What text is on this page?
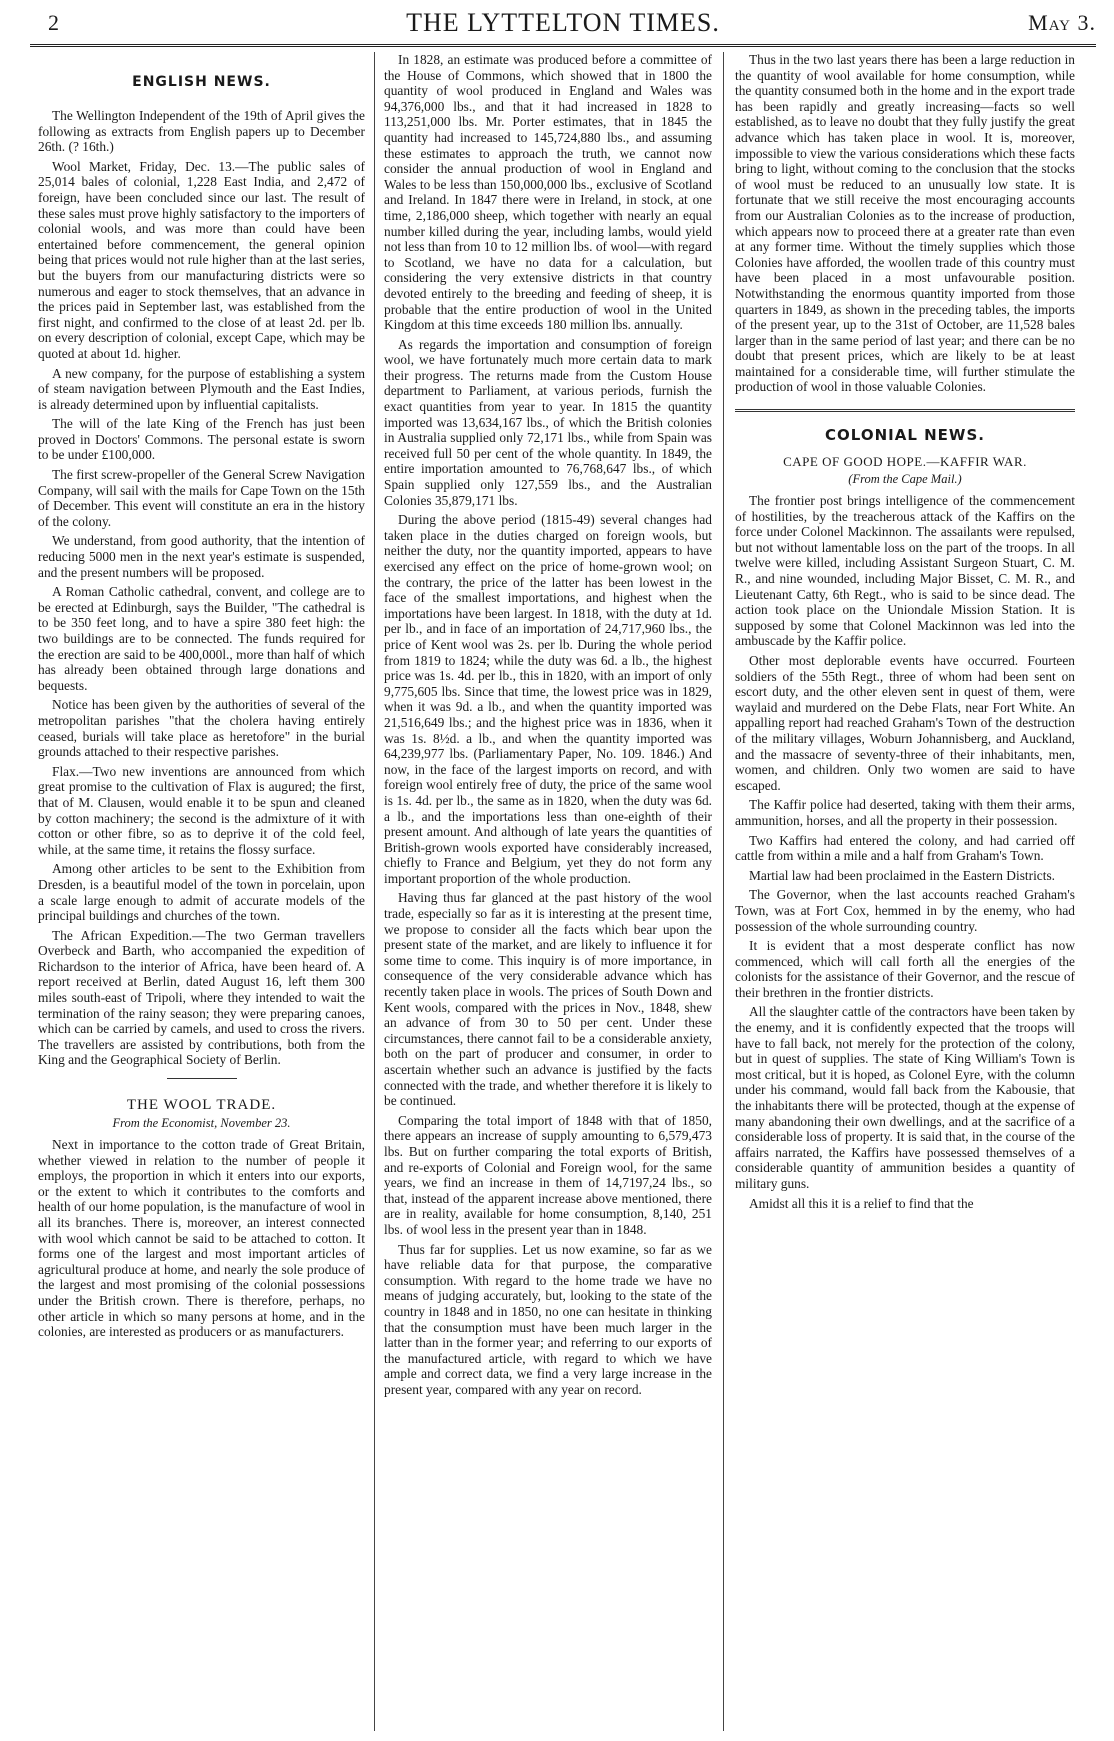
2	THE LYTTELTON TIMES.	May 3.
ENGLISH NEWS.

The Wellington Independent of the 19th of April gives the following as extracts from English papers up to December 26th. (? 16th.)

Wool Market, Friday, Dec. 13.—The public sales of 25,014 bales of colonial, 1,228 East India, and 2,472 of foreign, have been concluded since our last. The result of these sales must prove highly satisfactory to the importers of colonial wools, and was more than could have been entertained before commencement, the general opinion being that prices would not rule higher than at the last series, but the buyers from our manufacturing districts were so numerous and eager to stock themselves, that an advance in the prices paid in September last, was established from the first night, and confirmed to the close of at least 2d. per lb. on every description of colonial, except Cape, which may be quoted at about 1d. higher.

A new company, for the purpose of establishing a system of steam navigation between Plymouth and the East Indies, is already determined upon by influential capitalists.

The will of the late King of the French has just been proved in Doctors' Commons. The personal estate is sworn to be under £100,000.

The first screw-propeller of the General Screw Navigation Company, will sail with the mails for Cape Town on the 15th of December. This event will constitute an era in the history of the colony.

We understand, from good authority, that the intention of reducing 5000 men in the next year's estimate is suspended, and the present numbers will be proposed.

A Roman Catholic cathedral, convent, and college are to be erected at Edinburgh, says the Builder, "The cathedral is to be 350 feet long, and to have a spire 380 feet high: the two buildings are to be connected. The funds required for the erection are said to be 400,000l., more than half of which has already been obtained through large donations and bequests.

Notice has been given by the authorities of several of the metropolitan parishes "that the cholera having entirely ceased, burials will take place as heretofore" in the burial grounds attached to their respective parishes.

Flax.—Two new inventions are announced from which great promise to the cultivation of Flax is augured; the first, that of M. Clausen, would enable it to be spun and cleaned by cotton machinery; the second is the admixture of it with cotton or other fibre, so as to deprive it of the cold feel, while, at the same time, it retains the flossy surface.

Among other articles to be sent to the Exhibition from Dresden, is a beautiful model of the town in porcelain, upon a scale large enough to admit of accurate models of the principal buildings and churches of the town.

The African Expedition.—The two German travellers Overbeck and Barth, who accompanied the expedition of Richardson to the interior of Africa, have been heard of. A report received at Berlin, dated August 16, left them 300 miles south-east of Tripoli, where they intended to wait the termination of the rainy season; they were preparing canoes, which can be carried by camels, and used to cross the rivers. The travellers are assisted by contributions, both from the King and the Geographical Society of Berlin.

THE WOOL TRADE.
From the Economist, November 23.

Next in importance to the cotton trade of Great Britain, whether viewed in relation to the number of people it employs, the proportion in which it enters into our exports, or the extent to which it contributes to the comforts and health of our home population, is the manufacture of wool in all its branches. There is, moreover, an interest connected with wool which cannot be said to be attached to cotton. It forms one of the largest and most important articles of agricultural produce at home, and nearly the sole produce of the largest and most promising of the colonial possessions under the British crown. There is therefore, perhaps, no other article in which so many persons at home, and in the colonies, are interested as producers or as manufacturers.

In 1828, an estimate was produced before a committee of the House of Commons, which showed that in 1800 the quantity of wool produced in England and Wales was 94,376,000 lbs., and that it had increased in 1828 to 113,251,000 lbs. Mr. Porter estimates, that in 1845 the quantity had increased to 145,724,880 lbs., and assuming these estimates to approach the truth, we cannot now consider the annual production of wool in England and Wales to be less than 150,000,000 lbs., exclusive of Scotland and Ireland. In 1847 there were in Ireland, in stock, at one time, 2,186,000 sheep, which together with nearly an equal number killed during the year, including lambs, would yield not less than from 10 to 12 million lbs. of wool—with regard to Scotland, we have no data for a calculation, but considering the very extensive districts in that country devoted entirely to the breeding and feeding of sheep, it is probable that the entire production of wool in the United Kingdom at this time exceeds 180 million lbs. annually.

As regards the importation and consumption of foreign wool, we have fortunately much more certain data to mark their progress. The returns made from the Custom House department to Parliament, at various periods, furnish the exact quantities from year to year. In 1815 the quantity imported was 13,634,167 lbs., of which the British colonies in Australia supplied only 72,171 lbs., while from Spain was received full 50 per cent of the whole quantity. In 1849, the entire importation amounted to 76,768,647 lbs., of which Spain supplied only 127,559 lbs., and the Australian Colonies 35,879,171 lbs.

During the above period (1815-49) several changes had taken place in the duties charged on foreign wools, but neither the duty, nor the quantity imported, appears to have exercised any effect on the price of home-grown wool; on the contrary, the price of the latter has been lowest in the face of the smallest importations, and highest when the importations have been largest. In 1818, with the duty at 1d. per lb., and in face of an importation of 24,717,960 lbs., the price of Kent wool was 2s. per lb. During the whole period from 1819 to 1824; while the duty was 6d. a lb., the highest price was 1s. 4d. per lb., this in 1820, with an import of only 9,775,605 lbs. Since that time, the lowest price was in 1829, when it was 9d. a lb., and when the quantity imported was 21,516,649 lbs.; and the highest price was in 1836, when it was 1s. 8½d. a lb., and when the quantity imported was 64,239,977 lbs. (Parliamentary Paper, No. 109. 1846.) And now, in the face of the largest imports on record, and with foreign wool entirely free of duty, the price of the same wool is 1s. 4d. per lb., the same as in 1820, when the duty was 6d. a lb., and the importations less than one-eighth of their present amount. And although of late years the quantities of British-grown wools exported have considerably increased, chiefly to France and Belgium, yet they do not form any important proportion of the whole production.

Having thus far glanced at the past history of the wool trade, especially so far as it is interesting at the present time, we propose to consider all the facts which bear upon the present state of the market, and are likely to influence it for some time to come. This inquiry is of more importance, in consequence of the very considerable advance which has recently taken place in wools. The prices of South Down and Kent wools, compared with the prices in Nov., 1848, shew an advance of from 30 to 50 per cent. Under these circumstances, there cannot fail to be a considerable anxiety, both on the part of producer and consumer, in order to ascertain whether such an advance is justified by the facts connected with the trade, and whether therefore it is likely to be continued.

Comparing the total import of 1848 with that of 1850, there appears an increase of supply amounting to 6,579,473 lbs. But on further comparing the total exports of British, and re-exports of Colonial and Foreign wool, for the same years, we find an increase in them of 14,7197,24 lbs., so that, instead of the apparent increase above mentioned, there are in reality, available for home consumption, 8,140, 251 lbs. of wool less in the present year than in 1848.

Thus far for supplies. Let us now examine, so far as we have reliable data for that purpose, the comparative consumption. With regard to the home trade we have no means of judging accurately, but, looking to the state of the country in 1848 and in 1850, no one can hesitate in thinking that the consumption must have been much larger in the latter than in the former year; and referring to our exports of the manufactured article, with regard to which we have ample and correct data, we find a very large increase in the present year, compared with any year on record.

Thus in the two last years there has been a large reduction in the quantity of wool available for home consumption, while the quantity consumed both in the home and in the export trade has been rapidly and greatly increasing—facts so well established, as to leave no doubt that they fully justify the great advance which has taken place in wool. It is, moreover, impossible to view the various considerations which these facts bring to light, without coming to the conclusion that the stocks of wool must be reduced to an unusually low state. It is fortunate that we still receive the most encouraging accounts from our Australian Colonies as to the increase of production, which appears now to proceed there at a greater rate than even at any former time. Without the timely supplies which those Colonies have afforded, the woollen trade of this country must have been placed in a most unfavourable position. Notwithstanding the enormous quantity imported from those quarters in 1849, as shown in the preceding tables, the imports of the present year, up to the 31st of October, are 11,528 bales larger than in the same period of last year; and there can be no doubt that present prices, which are likely to be at least maintained for a considerable time, will further stimulate the production of wool in those valuable Colonies.

COLONIAL NEWS.
CAPE OF GOOD HOPE.—KAFFIR WAR.
(From the Cape Mail.)

The frontier post brings intelligence of the commencement of hostilities, by the treacherous attack of the Kaffirs on the force under Colonel Mackinnon. The assailants were repulsed, but not without lamentable loss on the part of the troops. In all twelve were killed, including Assistant Surgeon Stuart, C. M. R., and nine wounded, including Major Bisset, C. M. R., and Lieutenant Catty, 6th Regt., who is said to be since dead. The action took place on the Uniondale Mission Station. It is supposed by some that Colonel Mackinnon was led into the ambuscade by the Kaffir police.

Other most deplorable events have occurred. Fourteen soldiers of the 55th Regt., three of whom had been sent on escort duty, and the other eleven sent in quest of them, were waylaid and murdered on the Debe Flats, near Fort White. An appalling report had reached Graham's Town of the destruction of the military villages, Woburn Johannisberg, and Auckland, and the massacre of seventy-three of their inhabitants, men, women, and children. Only two women are said to have escaped.

The Kaffir police had deserted, taking with them their arms, ammunition, horses, and all the property in their possession.

Two Kaffirs had entered the colony, and had carried off cattle from within a mile and a half from Graham's Town.

Martial law had been proclaimed in the Eastern Districts.

The Governor, when the last accounts reached Graham's Town, was at Fort Cox, hemmed in by the enemy, who had possession of the whole surrounding country.

It is evident that a most desperate conflict has now commenced, which will call forth all the energies of the colonists for the assistance of their Governor, and the rescue of their brethren in the frontier districts.

All the slaughter cattle of the contractors have been taken by the enemy, and it is confidently expected that the troops will have to fall back, not merely for the protection of the colony, but in quest of supplies. The state of King William's Town is most critical, but it is hoped, as Colonel Eyre, with the column under his command, would fall back from the Kabousie, that the inhabitants there will be protected, though at the expense of many abandoning their own dwellings, and at the sacrifice of a considerable loss of property. It is said that, in the course of the affairs narrated, the Kaffirs have possessed themselves of a considerable quantity of ammunition besides a quantity of military guns.

Amidst all this it is a relief to find that the
